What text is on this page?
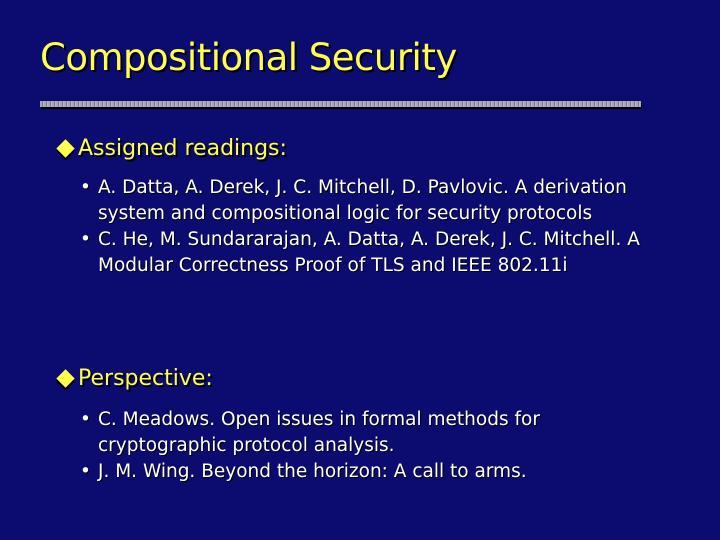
Compositional Security
Assigned readings:
• A. Datta, A. Derek, J. C. Mitchell, D. Pavlovic. A derivation system and compositional logic for security protocols
• C. He, M. Sundararajan, A. Datta, A. Derek, J. C. Mitchell. A Modular Correctness Proof of TLS and IEEE 802.11i
Perspective:
• C. Meadows. Open issues in formal methods for cryptographic protocol analysis.
• J. M. Wing. Beyond the horizon: A call to arms.
